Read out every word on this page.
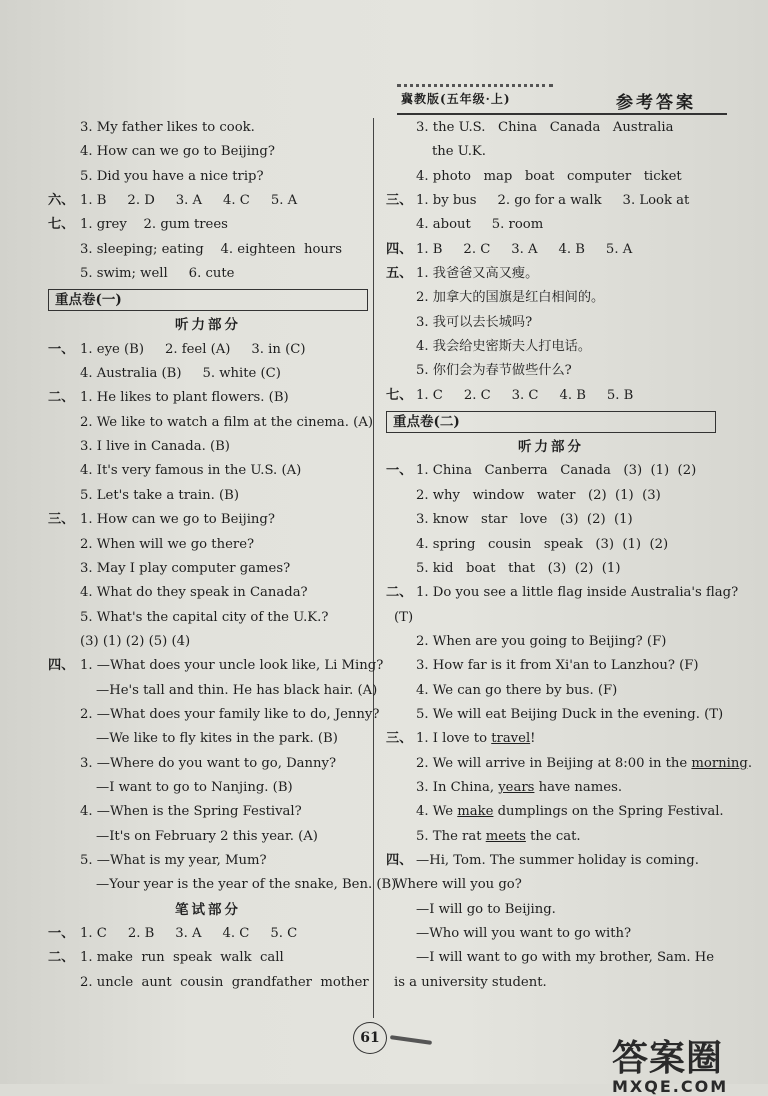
冀教版(五年级·上)	参考答案
3. My father likes to cook.
4. How can we go to Beijing?
5. Did you have a nice trip?
六、 1. B     2. D     3. A     4. C     5. A
七、 1. grey    2. gum trees
3. sleeping; eating    4. eighteen  hours
5. swim; well     6. cute
重点卷(一)
听力部分
一、 1. eye (B)     2. feel (A)     3. in (C)
4. Australia (B)     5. white (C)
二、 1. He likes to plant flowers. (B)
2. We like to watch a film at the cinema. (A)
3. I live in Canada. (B)
4. It's very famous in the U.S. (A)
5. Let's take a train. (B)
三、 1. How can we go to Beijing?
2. When will we go there?
3. May I play computer games?
4. What do they speak in Canada?
5. What's the capital city of the U.K.?
(3) (1) (2) (5) (4)
四、 1. —What does your uncle look like, Li Ming?
—He's tall and thin. He has black hair. (A)
2. —What does your family like to do, Jenny?
—We like to fly kites in the park. (B)
3. —Where do you want to go, Danny?
—I want to go to Nanjing. (B)
4. —When is the Spring Festival?
—It's on February 2 this year. (A)
5. —What is my year, Mum?
—Your year is the year of the snake, Ben. (B)
笔试部分
一、 1. C     2. B     3. A     4. C     5. C
二、 1. make  run  speak  walk  call
2. uncle  aunt  cousin  grandfather  mother
3. the U.S.   China   Canada   Australia
the U.K.
4. photo   map   boat   computer   ticket
三、 1. by bus     2. go for a walk     3. Look at
4. about     5. room
四、 1. B     2. C     3. A     4. B     5. A
五、 1. 我爸爸又高又瘦。
2. 加拿大的国旗是红白相间的。
3. 我可以去长城吗?
4. 我会给史密斯夫人打电话。
5. 你们会为春节做些什么?
七、 1. C     2. C     3. C     4. B     5. B
重点卷(二)
听力部分
一、 1. China   Canberra   Canada   (3)  (1)  (2)
2. why   window   water   (2)  (1)  (3)
3. know   star   love   (3)  (2)  (1)
4. spring   cousin   speak   (3)  (1)  (2)
5. kid   boat   that   (3)  (2)  (1)
二、 1. Do you see a little flag inside Australia's flag?
(T)
2. When are you going to Beijing? (F)
3. How far is it from Xi'an to Lanzhou? (F)
4. We can go there by bus. (F)
5. We will eat Beijing Duck in the evening. (T)
三、 1. I love to travel!
2. We will arrive in Beijing at 8:00 in the morning.
3. In China, years have names.
4. We make dumplings on the Spring Festival.
5. The rat meets the cat.
四、 —Hi, Tom. The summer holiday is coming.
Where will you go?
—I will go to Beijing.
—Who will you want to go with?
—I will want to go with my brother, Sam. He
is a university student.
61	答案圈
MXQE.COM
